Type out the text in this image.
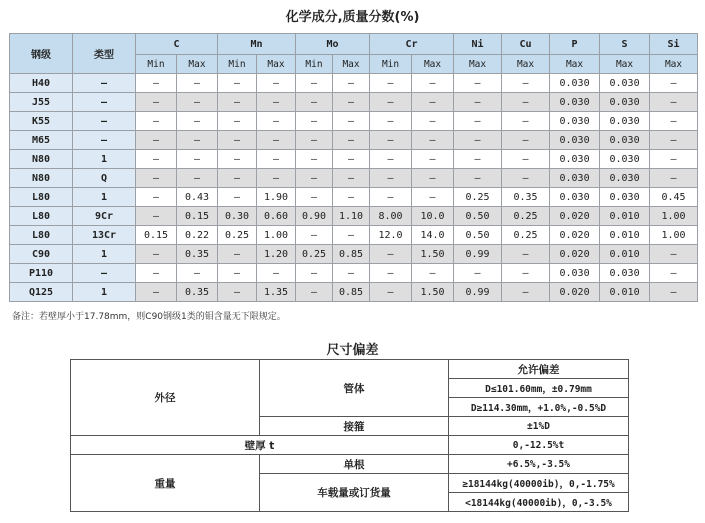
化学成分,质量分数(%)
钢级	类型	C		Mn		Mo		Cr		Ni	Cu	P	S	Si
		Min	Max	Min	Max	Min	Max	Min	Max	Max	Max	Max	Max	Max
H40	–	–	–	–	–	–	–	–	–	–	–	0.030	0.030	–
J55	–	–	–	–	–	–	–	–	–	–	–	0.030	0.030	–
K55	–	–	–	–	–	–	–	–	–	–	–	0.030	0.030	–
M65	–	–	–	–	–	–	–	–	–	–	–	0.030	0.030	–
N80	1	–	–	–	–	–	–	–	–	–	–	0.030	0.030	–
N80	Q	–	–	–	–	–	–	–	–	–	–	0.030	0.030	–
L80	1	–	0.43	–	1.90	–	–	–	–	0.25	0.35	0.030	0.030	0.45
L80	9Cr	–	0.15	0.30	0.60	0.90	1.10	8.00	10.0	0.50	0.25	0.020	0.010	1.00
L80	13Cr	0.15	0.22	0.25	1.00	–	–	12.0	14.0	0.50	0.25	0.020	0.010	1.00
C90	1	–	0.35	–	1.20	0.25	0.85	–	1.50	0.99	–	0.020	0.010	–
P110	–	–	–	–	–	–	–	–	–	–	–	0.030	0.030	–
Q125	1	–	0.35	–	1.35	–	0.85	–	1.50	0.99	–	0.020	0.010	–
备注：若壁厚小于17.78mm，则C90钢级1类的钼含量无下限规定。
尺寸偏差
外径	管体	允许偏差
		D≤101.60mm，±0.79mm
		D≥114.30mm，+1.0%,-0.5%D
	接箍	±1%D
壁厚 t		0,-12.5%t
重量	单根	+6.5%,-3.5%
	车载量或订货量	≥18144kg(40000ib)，0,-1.75%
		<18144kg(40000ib)，0,-3.5%
